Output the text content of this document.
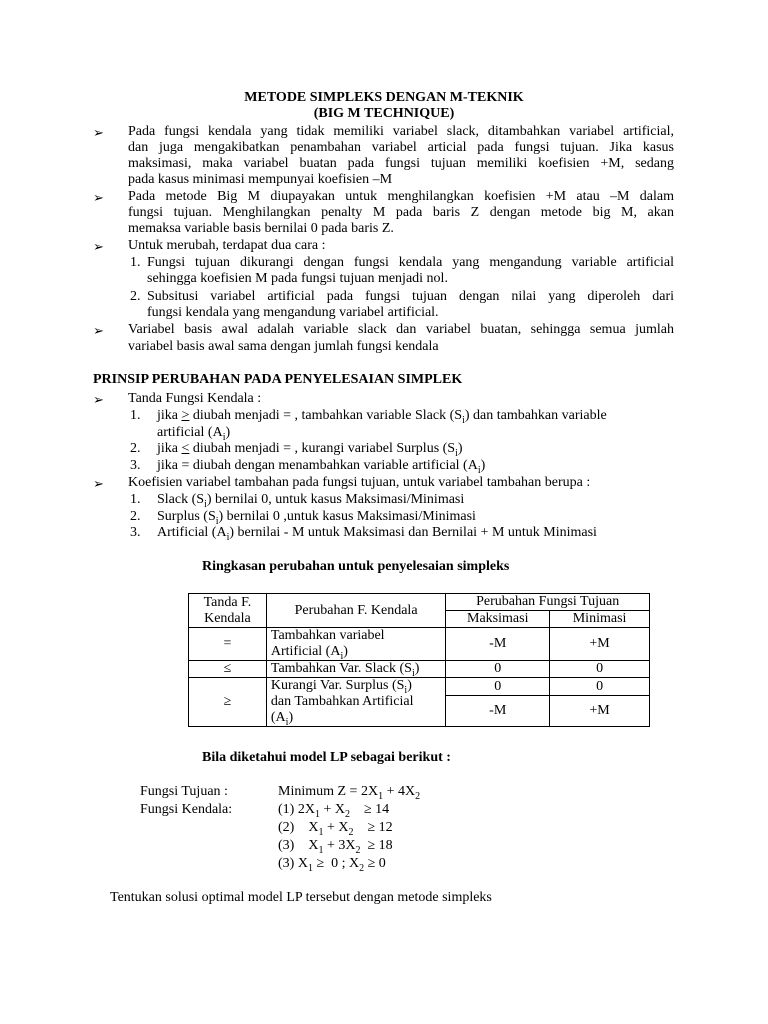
METODE SIMPLEKS DENGAN M-TEKNIK
(BIG M TECHNIQUE)
➢ Pada fungsi kendala yang tidak memiliki variabel slack, ditambahkan variabel artificial,
dan juga mengakibatkan penambahan variabel articial pada fungsi tujuan. Jika kasus
maksimasi, maka variabel buatan pada fungsi tujuan memiliki koefisien +M, sedang
pada kasus minimasi mempunyai koefisien –M
➢ Pada metode Big M diupayakan untuk menghilangkan koefisien +M atau –M dalam
fungsi tujuan. Menghilangkan penalty M pada baris Z dengan metode big M, akan
memaksa variable basis bernilai 0 pada baris Z.
➢ Untuk merubah, terdapat dua cara :
1. Fungsi tujuan dikurangi dengan fungsi kendala yang mengandung variable artificial
sehingga koefisien M pada fungsi tujuan menjadi nol.
2. Subsitusi variabel artificial pada fungsi tujuan dengan nilai yang diperoleh dari
fungsi kendala yang mengandung variabel artificial.
➢ Variabel basis awal adalah variable slack dan variabel buatan, sehingga semua jumlah
variabel basis awal sama dengan jumlah fungsi kendala
PRINSIP PERUBAHAN PADA PENYELESAIAN SIMPLEK
➢ Tanda Fungsi Kendala :
1. jika > diubah menjadi = , tambahkan variable Slack $(S_i)$ dan tambahkan variable
artificial $(A_i)$
2. jika < diubah menjadi = , kurangi variabel Surplus $(S_i)$
3. jika = diubah dengan menambahkan variable artificial $(A_i)$
➢ Koefisien variabel tambahan pada fungsi tujuan, untuk variabel tambahan berupa :
1. Slack $(S_i)$ bernilai 0, untuk kasus Maksimasi/Minimasi
2. Surplus $(S_i)$ bernilai 0 ,untuk kasus Maksimasi/Minimasi
3. Artificial $(A_i)$ bernilai - M untuk Maksimasi dan Bernilai + M untuk Minimasi
Ringkasan perubahan untuk penyelesaian simpleks
Tanda F.
Kendala	Perubahan F. Kendala	Perubahan Fungsi Tujuan	
		Maksimasi	Minimasi
=	Tambahkan variabel
Artificial $(A_i)$	-M	+M
≤	Tambahkan Var. Slack $(S_i)$	0	0
≥	Kurangi Var. Surplus $(S_i)$
dan Tambahkan Artificial
$(A_i)$	0	0
		-M	+M
Bila diketahui model LP sebagai berikut :
Fungsi Tujuan :	Minimum $Z = 2X_1 + 4X_2$
Fungsi Kendala:	(1) $2X_1 + X_2$    ≥ 14
(2)    $X_1 + X_2$    ≥ 12
(3)    $X_1 + 3X_2 \ge 18$
(3) $X_1 \ge 0$ ; $X_2 \ge 0$
Tentukan solusi optimal model LP tersebut dengan metode simpleks
